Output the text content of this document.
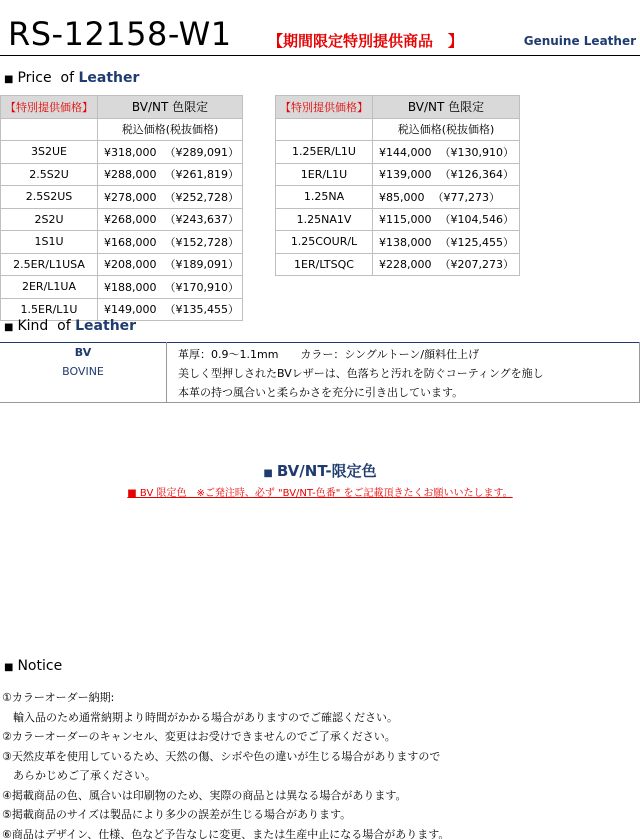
RS-12158-W1 【期間限定特別提供商品　】	Genuine Leather
■ Price  of Leather
【特別提供価格】	BV/NT 色限定
	税込価格(税抜価格)
3S2UE	¥318,000 （¥289,091）
2.5S2U	¥288,000 （¥261,819）
2.5S2US	¥278,000 （¥252,728）
2S2U	¥268,000 （¥243,637）
1S1U	¥168,000 （¥152,728）
2.5ER/L1USA	¥208,000 （¥189,091）
2ER/L1UA	¥188,000 （¥170,910）
1.5ER/L1U	¥149,000 （¥135,455）
【特別提供価格】	BV/NT 色限定
	税込価格(税抜価格)
1.25ER/L1U	¥144,000 （¥130,910）
1ER/L1U	¥139,000 （¥126,364）
1.25NA	¥85,000 （¥77,273）
1.25NA1V	¥115,000 （¥104,546）
1.25COUR/L	¥138,000 （¥125,455）
1ER/LTSQC	¥228,000 （¥207,273）
■ Kind  of Leather
BV
BOVINE
革厚：0.9～1.1mm　　カラー：シングルトーン/顔料仕上げ
美しく型押しされたBVレザーは、色落ちと汚れを防ぐコーティングを施し
本革の持つ風合いと柔らかさを充分に引き出しています。
■ BV/NT-限定色
■ BV 限定色　※ご発注時、必ず "BV/NT-色番" をご記載頂きたくお願いいたします。
■ Notice
①カラーオーダー納期:
　輸入品のため通常納期より時間がかかる場合がありますのでご確認ください。
②カラーオーダーのキャンセル、変更はお受けできませんのでご了承ください。
③天然皮革を使用しているため、天然の傷、シボや色の違いが生じる場合がありますので
　あらかじめご了承ください。
④掲載商品の色、風合いは印刷物のため、実際の商品とは異なる場合があります。
⑤掲載商品のサイズは製品により多少の誤差が生じる場合があります。
⑥商品はデザイン、仕様、色など予告なしに変更、または生産中止になる場合があります。
